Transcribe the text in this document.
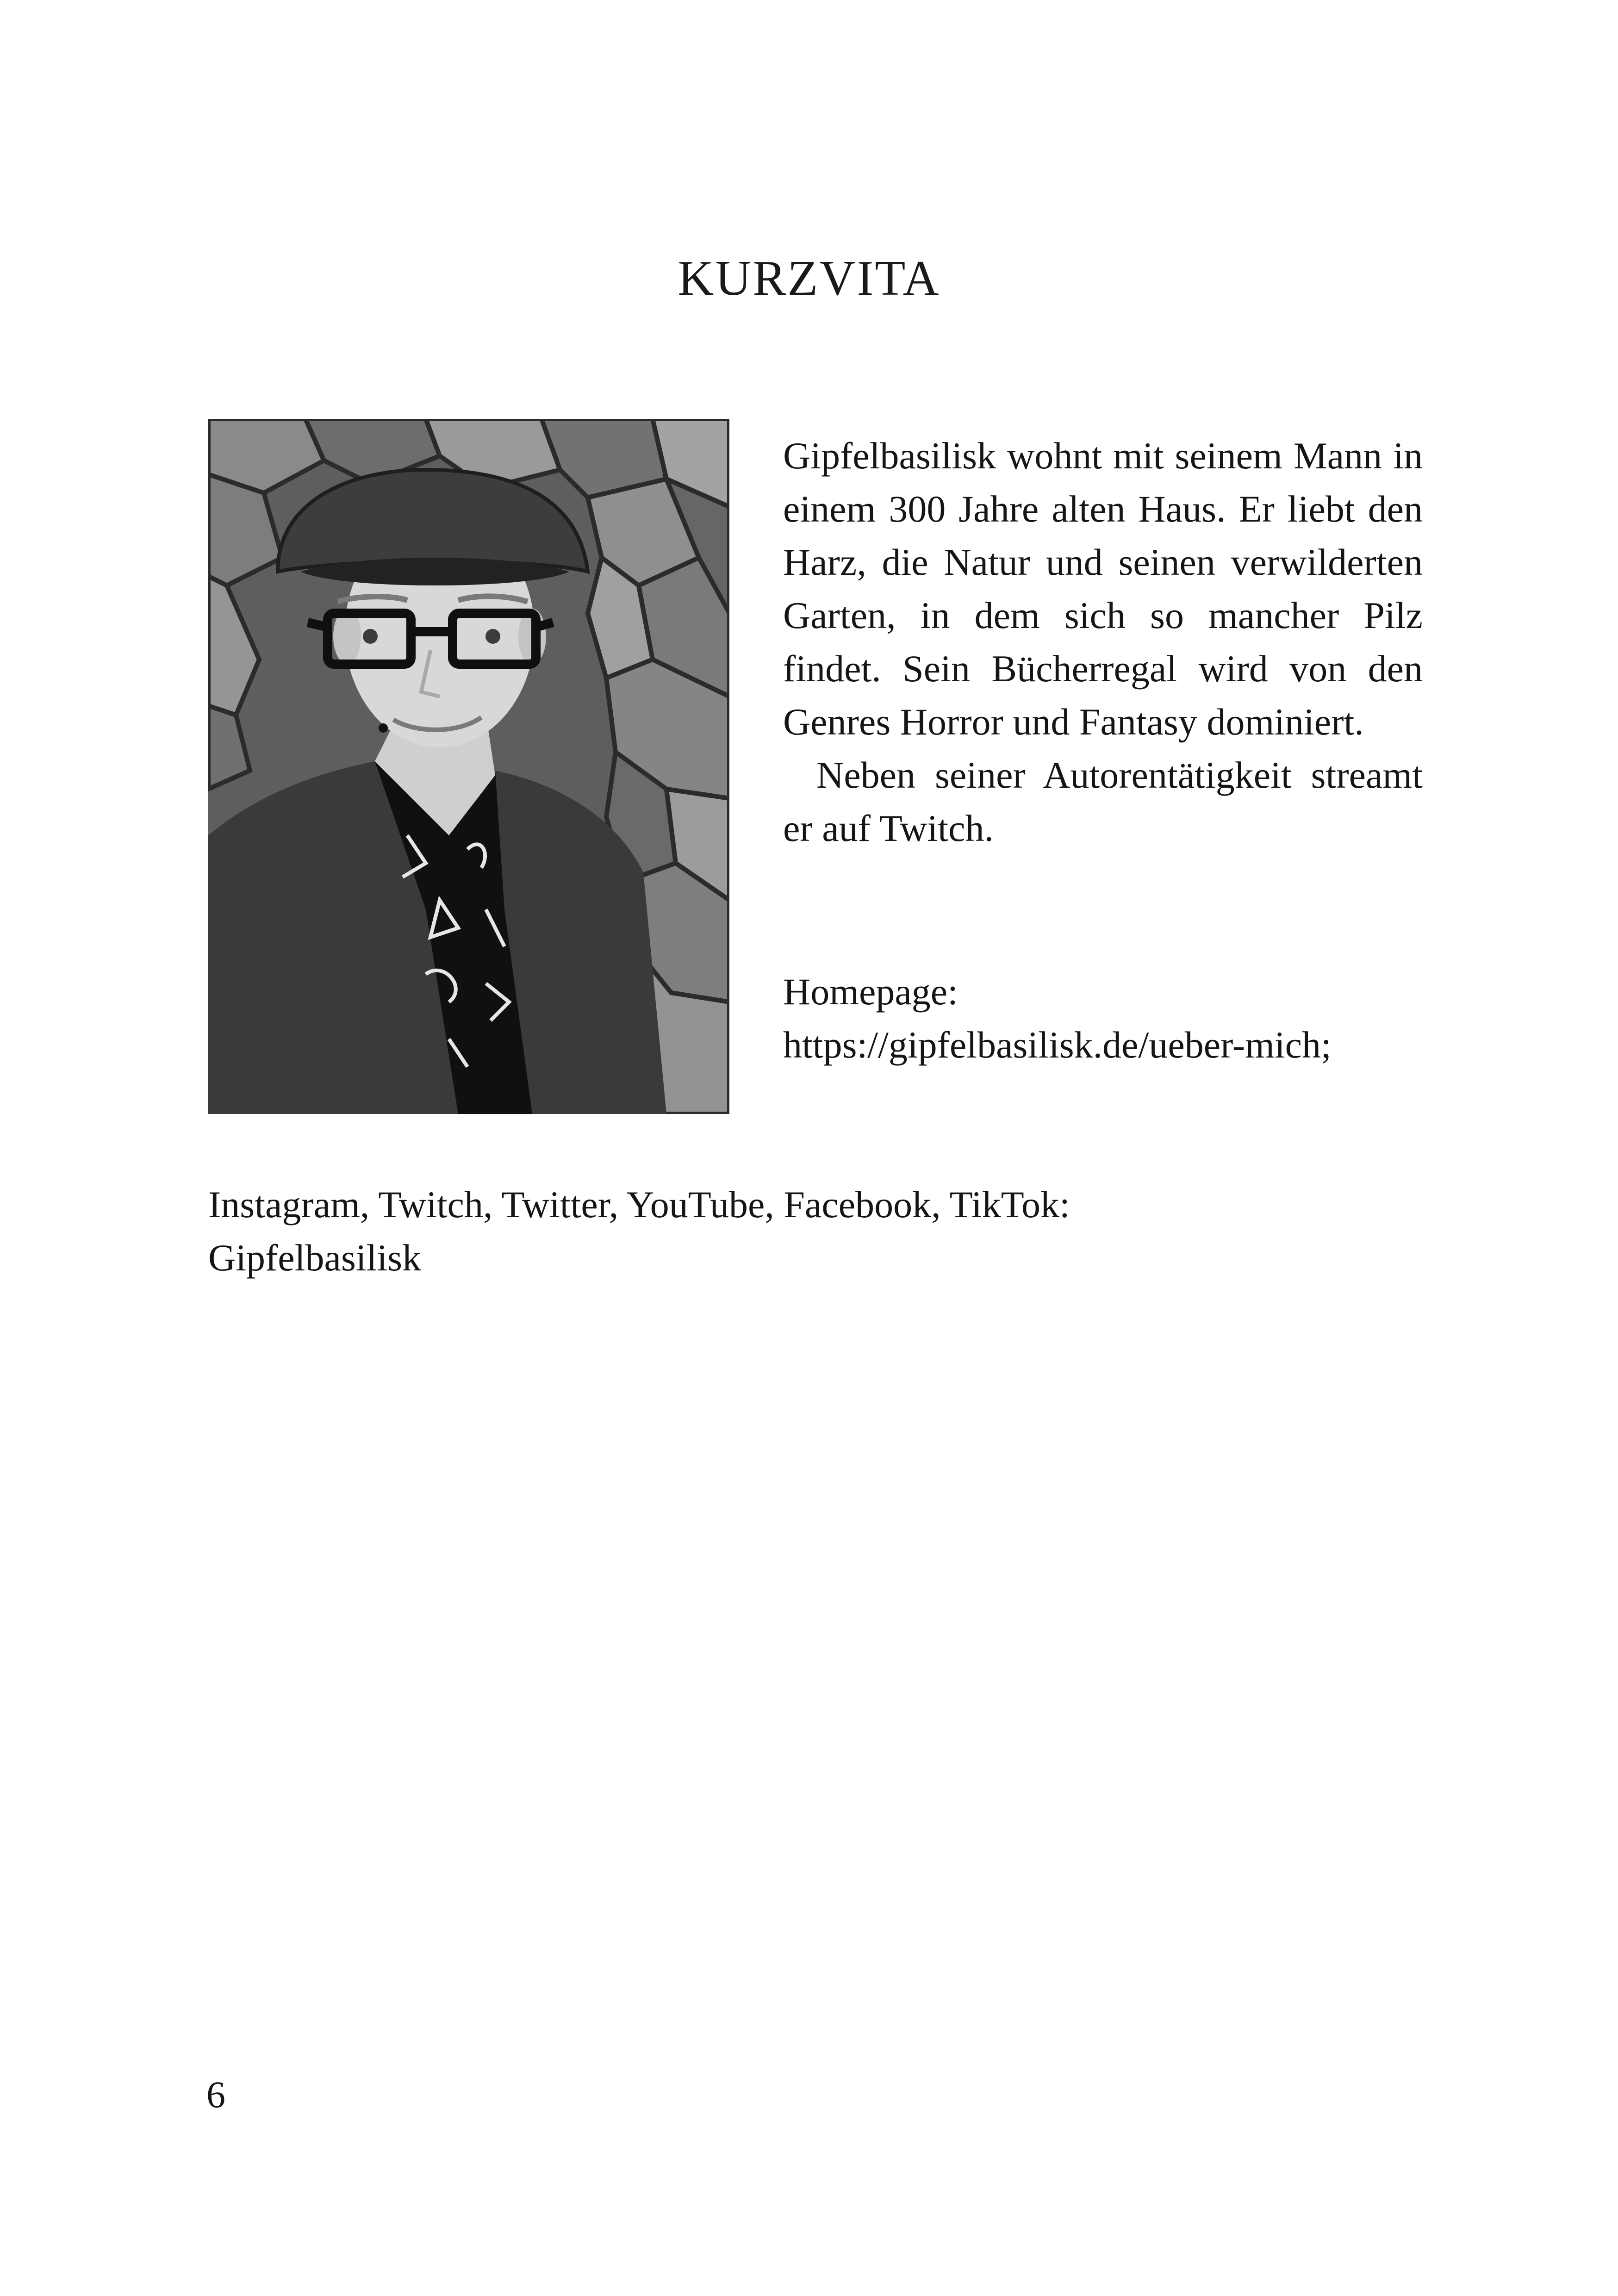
KURZVITA

Gipfelbasilisk wohnt mit seinem Mann in einem 300 Jahre alten Haus. Er liebt den Harz, die Natur und seinen verwilderten Garten, in dem sich so mancher Pilz findet. Sein Bücherregal wird von den Genres Horror und Fantasy dominiert.

Neben seiner Autorentätigkeit streamt er auf Twitch.

Homepage:
https://gipfelbasilisk.de/ueber-mich;
Instagram, Twitch, Twitter, YouTube, Facebook, TikTok:
Gipfelbasilisk
6
